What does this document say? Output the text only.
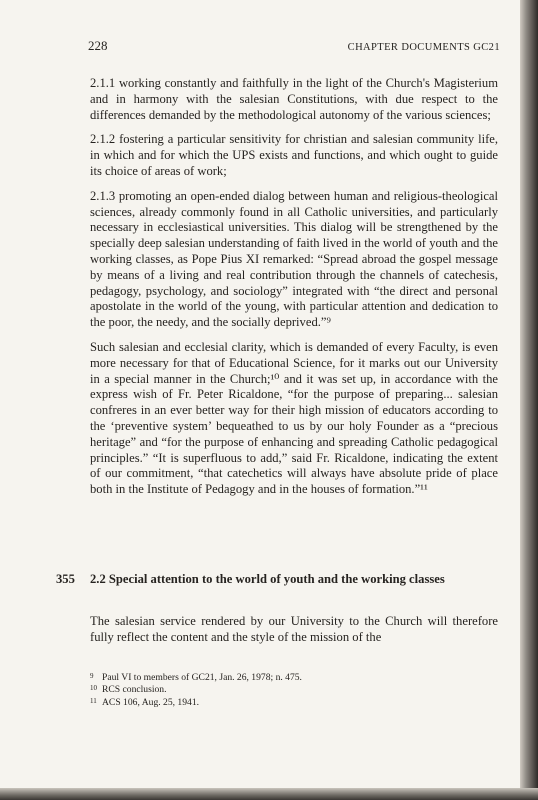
228	CHAPTER DOCUMENTS GC21

2.1.1 working constantly and faithfully in the light of the Church's Magisterium and in harmony with the salesian Constitutions, with due respect to the differences demanded by the methodological autonomy of the various sciences;

2.1.2 fostering a particular sensitivity for christian and salesian community life, in which and for which the UPS exists and functions, and which ought to guide its choice of areas of work;

2.1.3 promoting an open-ended dialog between human and religious-theological sciences, already commonly found in all Catholic universities, and particularly necessary in ecclesiastical universities. This dialog will be strengthened by the specially deep salesian understanding of faith lived in the world of youth and the working classes, as Pope Pius XI remarked: “Spread abroad the gospel message by means of a living and real contribution through the channels of catechesis, pedagogy, psychology, and sociology” integrated with “the direct and personal apostolate in the world of the young, with particular attention and dedication to the poor, the needy, and the socially deprived.”⁹

Such salesian and ecclesial clarity, which is demanded of every Faculty, is even more necessary for that of Educational Science, for it marks out our University in a special manner in the Church;¹⁰ and it was set up, in accordance with the express wish of Fr. Peter Ricaldone, “for the purpose of preparing... salesian confreres in an ever better way for their high mission of educators according to the ‘preventive system’ bequeathed to us by our holy Founder as a “precious heritage” and “for the purpose of enhancing and spreading Catholic pedagogical principles.” “It is superfluous to add,” said Fr. Ricaldone, indicating the extent of our commitment, “that catechetics will always have absolute pride of place both in the Institute of Pedagogy and in the houses of formation.”¹¹

355	2.2 Special attention to the world of youth and the working classes

The salesian service rendered by our University to the Church will therefore fully reflect the content and the style of the mission of the

9 Paul VI to members of GC21, Jan. 26, 1978; n. 475.
10 RCS conclusion.
11 ACS 106, Aug. 25, 1941.
